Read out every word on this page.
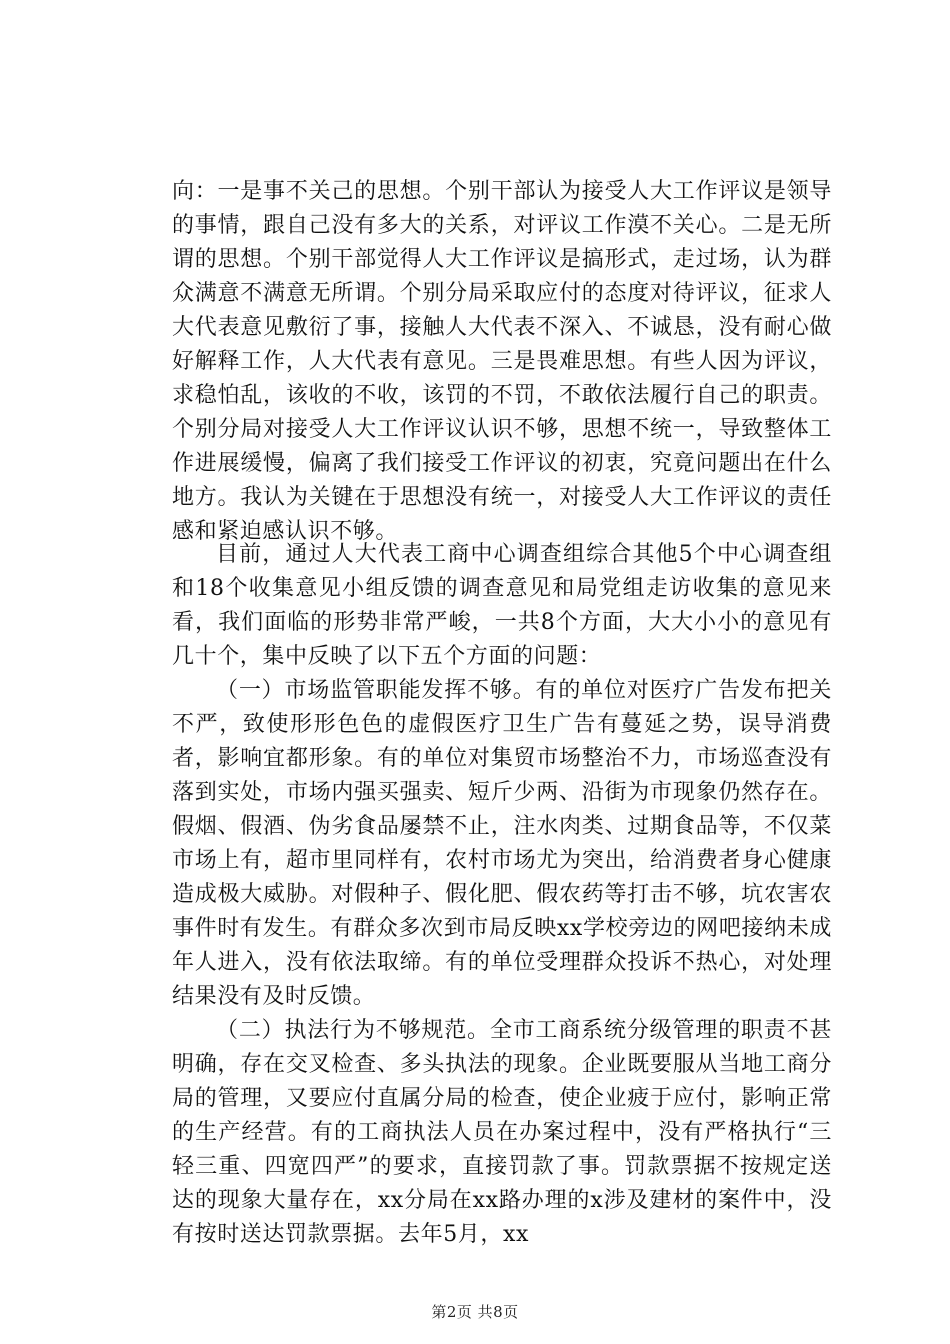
向：一是事不关己的思想。个别干部认为接受人大工作评议是领导的事情，跟自己没有多大的关系，对评议工作漠不关心。二是无所谓的思想。个别干部觉得人大工作评议是搞形式，走过场，认为群众满意不满意无所谓。个别分局采取应付的态度对待评议，征求人大代表意见敷衍了事，接触人大代表不深入、不诚恳，没有耐心做好解释工作，人大代表有意见。三是畏难思想。有些人因为评议，求稳怕乱，该收的不收，该罚的不罚，不敢依法履行自己的职责。个别分局对接受人大工作评议认识不够，思想不统一，导致整体工作进展缓慢，偏离了我们接受工作评议的初衷，究竟问题出在什么地方。我认为关键在于思想没有统一，对接受人大工作评议的责任感和紧迫感认识不够。

目前，通过人大代表工商中心调查组综合其他5个中心调查组和18个收集意见小组反馈的调查意见和局党组走访收集的意见来看，我们面临的形势非常严峻，一共8个方面，大大小小的意见有几十个，集中反映了以下五个方面的问题：

（一）市场监管职能发挥不够。有的单位对医疗广告发布把关不严，致使形形色色的虚假医疗卫生广告有蔓延之势，误导消费者，影响宜都形象。有的单位对集贸市场整治不力，市场巡查没有落到实处，市场内强买强卖、短斤少两、沿街为市现象仍然存在。假烟、假酒、伪劣食品屡禁不止，注水肉类、过期食品等，不仅菜市场上有，超市里同样有，农村市场尤为突出，给消费者身心健康造成极大威胁。对假种子、假化肥、假农药等打击不够，坑农害农事件时有发生。有群众多次到市局反映xx学校旁边的网吧接纳未成年人进入，没有依法取缔。有的单位受理群众投诉不热心，对处理结果没有及时反馈。

（二）执法行为不够规范。全市工商系统分级管理的职责不甚明确，存在交叉检查、多头执法的现象。企业既要服从当地工商分局的管理，又要应付直属分局的检查，使企业疲于应付，影响正常的生产经营。有的工商执法人员在办案过程中，没有严格执行“三轻三重、四宽四严”的要求，直接罚款了事。罚款票据不按规定送达的现象大量存在，xx分局在xx路办理的x涉及建材的案件中，没有按时送达罚款票据。去年5月，xx

第2页 共8页
